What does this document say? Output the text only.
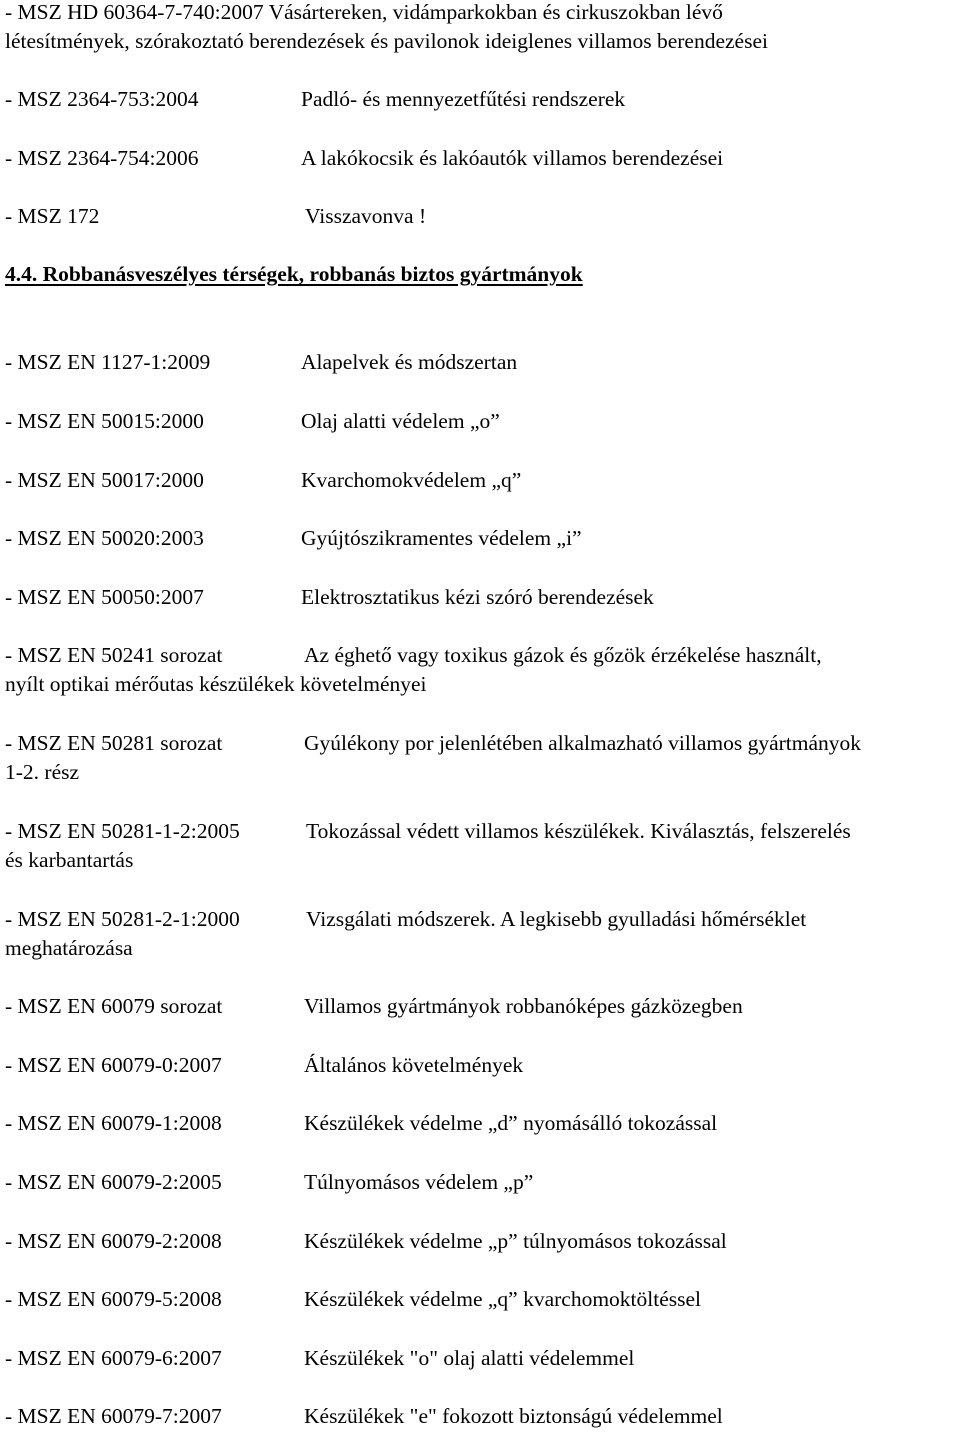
- MSZ HD 60364-7-740:2007 Vásártereken, vidámparkokban és cirkuszokban lévő
létesítmények, szórakoztató berendezések és pavilonok ideiglenes villamos berendezései
- MSZ 2364-753:2004	Padló- és mennyezetfűtési rendszerek
- MSZ 2364-754:2006	A lakókocsik és lakóautók villamos berendezései
- MSZ 172	Visszavonva !
4.4. Robbanásveszélyes térségek, robbanás biztos gyártmányok
- MSZ EN 1127-1:2009	Alapelvek és módszertan
- MSZ EN 50015:2000	Olaj alatti védelem „o”
- MSZ EN 50017:2000	Kvarchomokvédelem „q”
- MSZ EN 50020:2003	Gyújtószikramentes védelem „i”
- MSZ EN 50050:2007	Elektrosztatikus kézi szóró berendezések
- MSZ EN 50241 sorozat	Az éghető vagy toxikus gázok és gőzök érzékelése használt,
nyílt optikai mérőutas készülékek követelményei
- MSZ EN 50281 sorozat	Gyúlékony por jelenlétében alkalmazható villamos gyártmányok
1-2. rész
- MSZ EN 50281-1-2:2005	Tokozással védett villamos készülékek. Kiválasztás, felszerelés
és karbantartás
- MSZ EN 50281-2-1:2000	Vizsgálati módszerek. A legkisebb gyulladási hőmérséklet
meghatározása
- MSZ EN 60079 sorozat	Villamos gyártmányok robbanóképes gázközegben
- MSZ EN 60079-0:2007	Általános követelmények
- MSZ EN 60079-1:2008	Készülékek védelme „d” nyomásálló tokozással
- MSZ EN 60079-2:2005	Túlnyomásos védelem „p”
- MSZ EN 60079-2:2008	Készülékek védelme „p” túlnyomásos tokozással
- MSZ EN 60079-5:2008	Készülékek védelme „q” kvarchomoktöltéssel
- MSZ EN 60079-6:2007	Készülékek "o" olaj alatti védelemmel
- MSZ EN 60079-7:2007	Készülékek "e" fokozott biztonságú védelemmel
